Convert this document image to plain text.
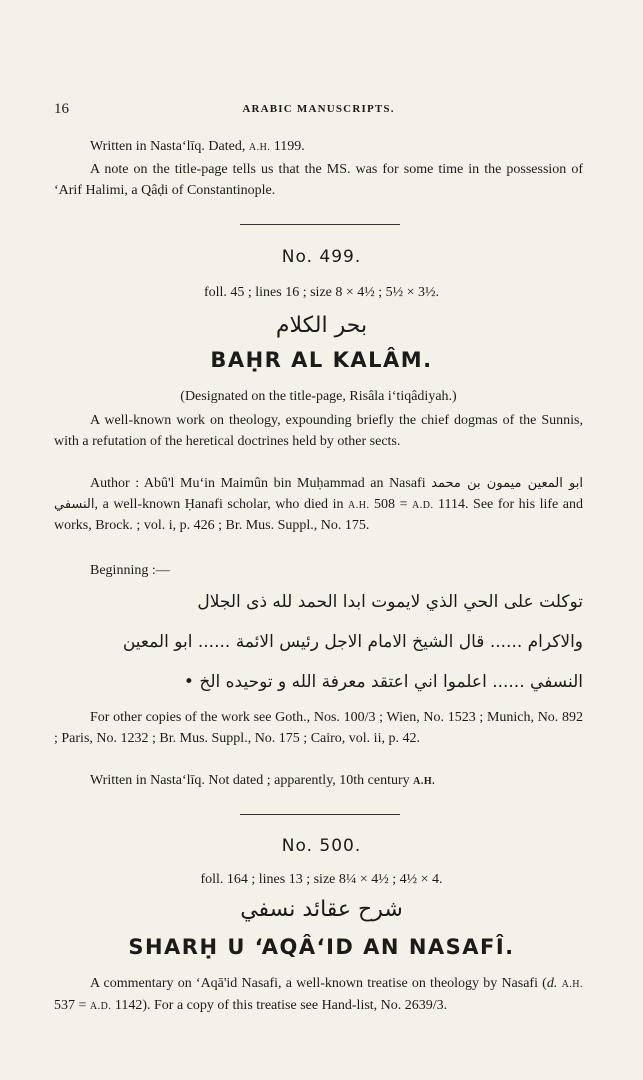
16	ARABIC MANUSCRIPTS.

Written in Nasta‘līq. Dated, A.H. 1199.

A note on the title-page tells us that the MS. was for some time in the possession of ‘Arif Halimi, a Qâḍi of Constantinople.

No. 499.
foll. 45 ; lines 16 ; size 8 × 4½ ; 5½ × 3½.
بحر الكلام
BAḤR AL KALÂM.

(Designated on the title-page, Risâla i‘tiqâdiyah.)

A well-known work on theology, expounding briefly the chief dogmas of the Sunnis, with a refutation of the heretical doctrines held by other sects.

Author : Abû'l Mu‘in Maimûn bin Muḥammad an Nasafi ابو المعين ميمون بن محمد النسفي, a well-known Ḥanafi scholar, who died in A.H. 508 = A.D. 1114. See for his life and works, Brock. ; vol. i, p. 426 ; Br. Mus. Suppl., No. 175.

Beginning :—

توكلت على الحي الذي لايموت ابدا الحمد لله ذى الجلال
والاكرام ...... قال الشيخ الامام الاجل رئيس الائمة ...... ابو المعين
النسفي ...... اعلموا اني اعتقد معرفة الله و توحيده الخ •

For other copies of the work see Goth., Nos. 100/3 ; Wien, No. 1523 ; Munich, No. 892 ; Paris, No. 1232 ; Br. Mus. Suppl., No. 175 ; Cairo, vol. ii, p. 42.

Written in Nasta‘līq. Not dated ; apparently, 10th century A.H.

No. 500.
foll. 164 ; lines 13 ; size 8¼ × 4½ ; 4½ × 4.
شرح عقائد نسفي
SHARḤ U ‘AQÂ‘ID AN NASAFÎ.

A commentary on ‘Aqā'id Nasafi, a well-known treatise on theology by Nasafi (d. A.H. 537 = A.D. 1142). For a copy of this treatise see Hand-list, No. 2639/3.
